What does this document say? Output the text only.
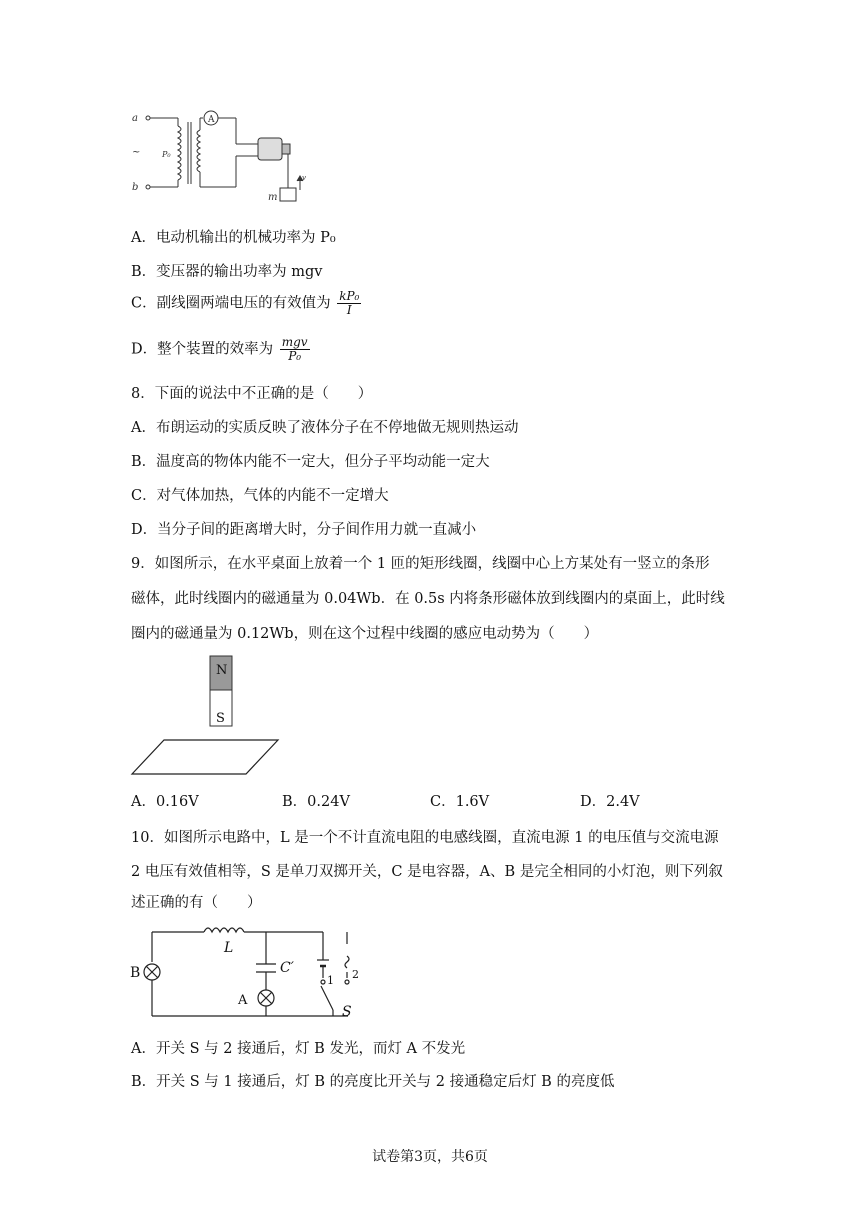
a
~
b
P₀
A
m
v
A．电动机输出的机械功率为 P₀
B．变压器的输出功率为 mgv
C．副线圈两端电压的有效值为 $\frac{\text{kP₀}}{I}$
D．整个装置的效率为 $\frac{\text{mgv}}{\text{P₀}}$
8．下面的说法中不正确的是（　　）
A．布朗运动的实质反映了液体分子在不停地做无规则热运动
B．温度高的物体内能不一定大，但分子平均动能一定大
C．对气体加热，气体的内能不一定增大
D．当分子间的距离增大时，分子间作用力就一直减小
9．如图所示，在水平桌面上放着一个 1 匝的矩形线圈，线圈中心上方某处有一竖立的条形
磁体，此时线圈内的磁通量为 0.04Wb．在 0.5s 内将条形磁体放到线圈内的桌面上，此时线
圈内的磁通量为 0.12Wb，则在这个过程中线圈的感应电动势为（　　）
N
S
A．0.16V	B．0.24V	C．1.6V	D．2.4V
10．如图所示电路中，L 是一个不计直流电阻的电感线圈，直流电源 1 的电压值与交流电源
2 电压有效值相等，S 是单刀双掷开关，C 是电容器，A、B 是完全相同的小灯泡，则下列叙
述正确的有（　　）
L
C′
A
B	1 2
S
A．开关 S 与 2 接通后，灯 B 发光，而灯 A 不发光
B．开关 S 与 1 接通后，灯 B 的亮度比开关与 2 接通稳定后灯 B 的亮度低
试卷第3页，共6页
